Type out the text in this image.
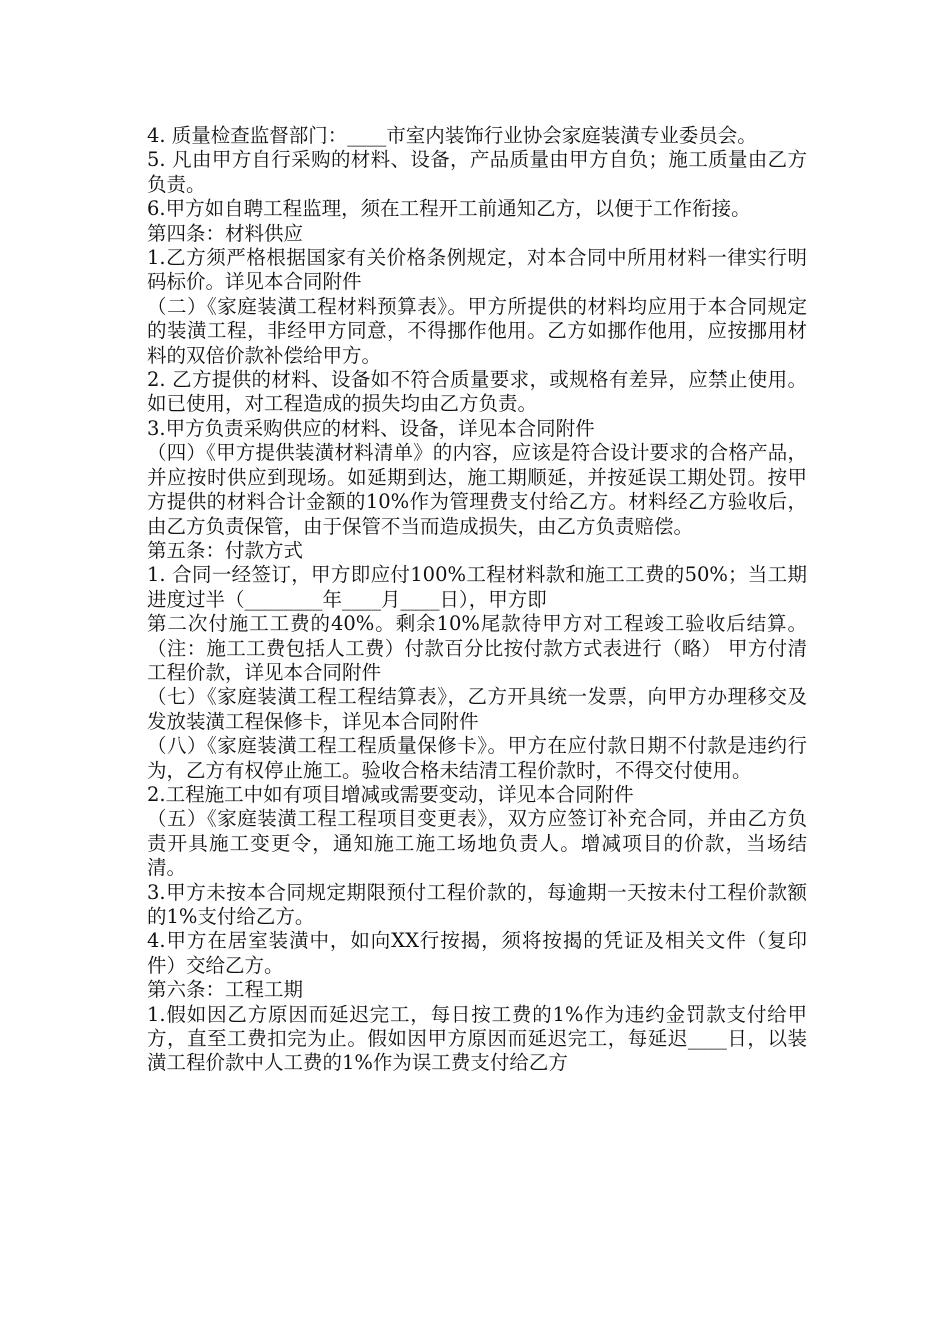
4. 质量检查监督部门：____市室内装饰行业协会家庭装潢专业委员会。

5. 凡由甲方自行采购的材料、设备，产品质量由甲方自负；施工质量由乙方负责。

6.甲方如自聘工程监理，须在工程开工前通知乙方，以便于工作衔接。

第四条：材料供应

1.乙方须严格根据国家有关价格条例规定，对本合同中所用材料一律实行明码标价。详见本合同附件

（二）《家庭装潢工程材料预算表》。甲方所提供的材料均应用于本合同规定的装潢工程，非经甲方同意，不得挪作他用。乙方如挪作他用，应按挪用材料的双倍价款补偿给甲方。

2. 乙方提供的材料、设备如不符合质量要求，或规格有差异，应禁止使用。如已使用，对工程造成的损失均由乙方负责。

3.甲方负责采购供应的材料、设备，详见本合同附件

（四）《甲方提供装潢材料清单》的内容，应该是符合设计要求的合格产品，并应按时供应到现场。如延期到达，施工期顺延，并按延误工期处罚。按甲方提供的材料合计金额的10%作为管理费支付给乙方。材料经乙方验收后，由乙方负责保管，由于保管不当而造成损失，由乙方负责赔偿。

第五条：付款方式

1. 合同一经签订，甲方即应付100%工程材料款和施工工费的50%；当工期进度过半（________年____月____日），甲方即

第二次付施工工费的40%。剩余10%尾款待甲方对工程竣工验收后结算。（注：施工工费包括人工费）付款百分比按付款方式表进行（略） 甲方付清工程价款，详见本合同附件

（七）《家庭装潢工程工程结算表》，乙方开具统一发票，向甲方办理移交及发放装潢工程保修卡，详见本合同附件

（八）《家庭装潢工程工程质量保修卡》。甲方在应付款日期不付款是违约行为，乙方有权停止施工。验收合格未结清工程价款时，不得交付使用。

2.工程施工中如有项目增减或需要变动，详见本合同附件

（五）《家庭装潢工程工程项目变更表》，双方应签订补充合同，并由乙方负责开具施工变更令，通知施工施工场地负责人。增减项目的价款，当场结清。

3.甲方未按本合同规定期限预付工程价款的，每逾期一天按未付工程价款额的1%支付给乙方。

4.甲方在居室装潢中，如向XX行按揭，须将按揭的凭证及相关文件（复印件）交给乙方。

第六条：工程工期

1.假如因乙方原因而延迟完工，每日按工费的1%作为违约金罚款支付给甲方，直至工费扣完为止。假如因甲方原因而延迟完工，每延迟____日，以装潢工程价款中人工费的1%作为误工费支付给乙方
